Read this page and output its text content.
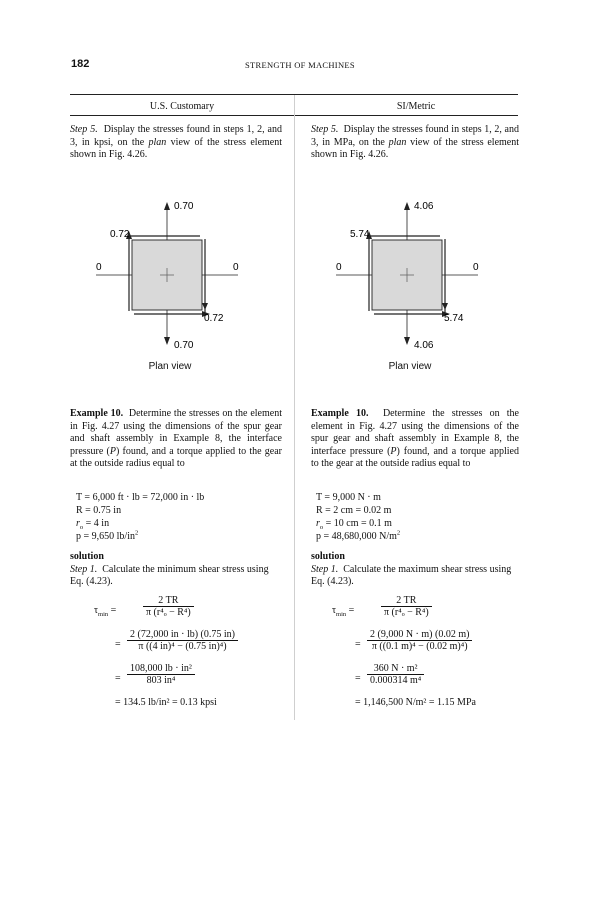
182	STRENGTH OF MACHINES
U.S. Customary	SI/Metric
Step 5. Display the stresses found in steps 1, 2, and 3, in kpsi, on the plan view of the stress element shown in Fig. 4.26.
0.70
0.70
0.72
0.72
0	0
Plan view
Example 10. Determine the stresses on the element in Fig. 4.27 using the dimensions of the spur gear and shaft assembly in Example 8, the interface pressure (P) found, and a torque applied to the gear at the outside radius equal to
T = 6,000 ft · lb = 72,000 in · lb
R = 0.75 in
$r_o = 4$ in
p = 9,650 $lb/in^2$
solution
Step 1. Calculate the minimum shear stress using Eq. (4.23).
$\tau_{min}$ =	$\frac{2 TR}{\text{π (r⁴ₒ − R⁴)}}$
= $\frac{2 (72,000 in \cdot lb) (0.75 in)}{\text{π ((4 in)⁴ − (0.75 in)⁴)}}$
= $\frac{\text{108,000 lb · in²}}{\text{803 in⁴}}$
= 134.5 lb/in² = 0.13 kpsi
Step 5. Display the stresses found in steps 1, 2, and 3, in MPa, on the plan view of the stress element shown in Fig. 4.26.
4.06
4.06
5.74
5.74
0	0
Plan view
Example 10. Determine the stresses on the element in Fig. 4.27 using the dimensions of the spur gear and shaft assembly in Example 8, the interface pressure (P) found, and a torque applied to the gear at the outside radius equal to
T = 9,000 N · m
R = 2 cm = 0.02 m
$r_o = 10$ cm = 0.1 m
p = 48,680,000 $N/m^2$
solution
Step 1. Calculate the maximum shear stress using Eq. (4.23).
$\tau_{min}$ =	$\frac{2 TR}{\text{π (r⁴ₒ − R⁴)}}$
= $\frac{2 (9,000 N \cdot m) (0.02 m)}{\text{π ((0.1 m)⁴ − (0.02 m)⁴)}}$
= $\frac{\text{360 N · m²}}{\text{0.000314 m⁴}}$
= 1,146,500 N/m² = 1.15 MPa
